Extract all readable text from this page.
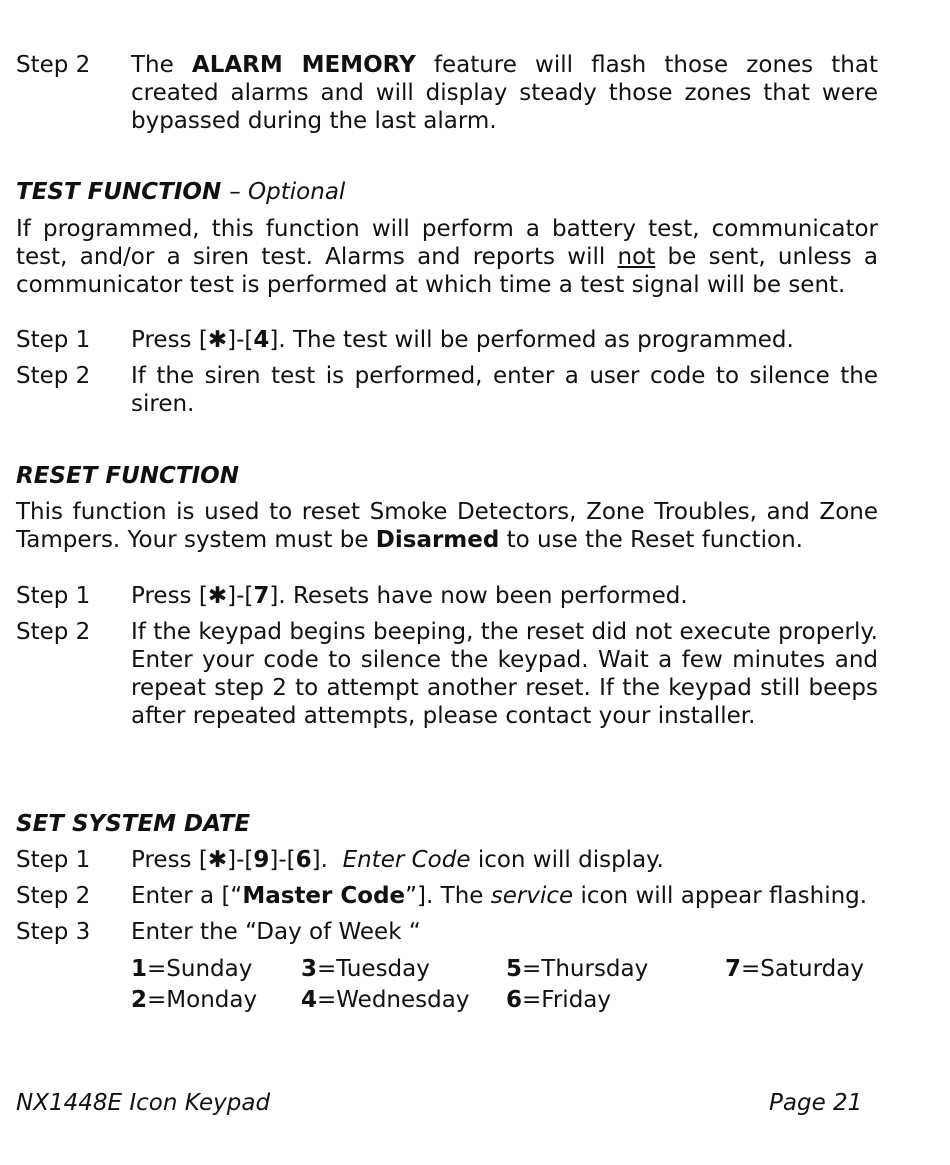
Step 2 The ALARM MEMORY feature will flash those zones that created alarms and will display steady those zones that were bypassed during the last alarm.
TEST FUNCTION – Optional
If programmed, this function will perform a battery test, communicator test, and/or a siren test. Alarms and reports will not be sent, unless a communicator test is performed at which time a test signal will be sent.
Step 1 Press [✱]-[4]. The test will be performed as programmed.
Step 2 If the siren test is performed, enter a user code to silence the siren.
RESET FUNCTION
This function is used to reset Smoke Detectors, Zone Troubles, and Zone Tampers. Your system must be Disarmed to use the Reset function.
Step 1 Press [✱]-[7]. Resets have now been performed.
Step 2 If the keypad begins beeping, the reset did not execute properly. Enter your code to silence the keypad. Wait a few minutes and repeat step 2 to attempt another reset. If the keypad still beeps after repeated attempts, please contact your installer.
SET SYSTEM DATE
Step 1 Press [✱]-[9]-[6]. Enter Code icon will display.
Step 2 Enter a [“Master Code”]. The service icon will appear flashing.
Step 3 Enter the “Day of Week “
1=Sunday
2=Monday
3=Tuesday
4=Wednesday
5=Thursday
6=Friday
7=Saturday
NX1448E Icon Keypad	Page 21
